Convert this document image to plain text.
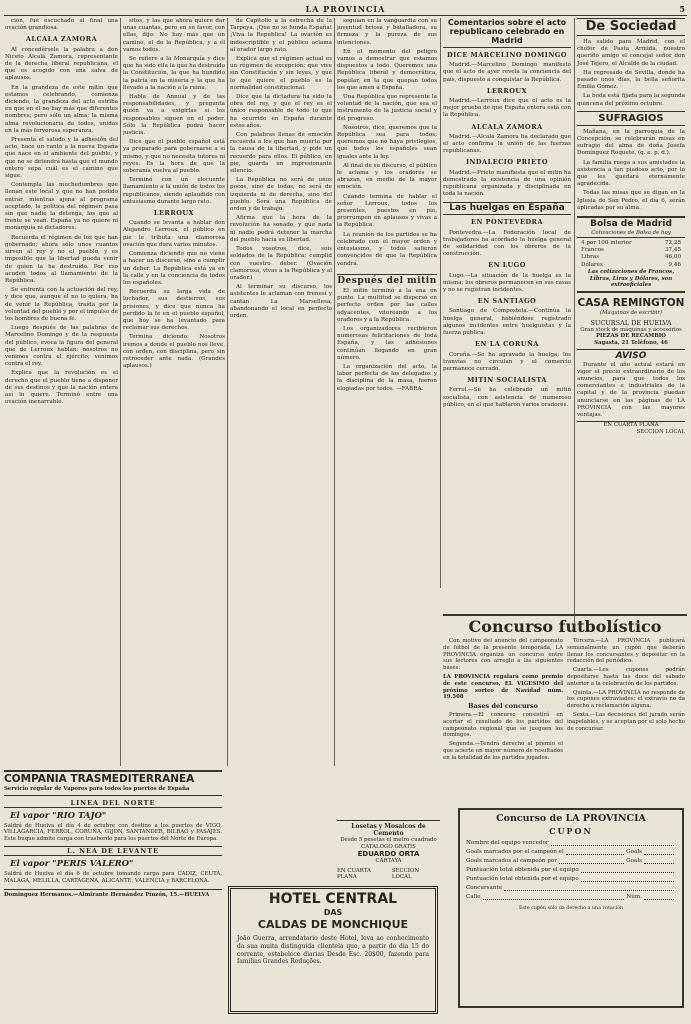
LA PROVINCIA	5

ción, fué escuchado al final una ovación grandiosa.

ALCALA ZAMORA

Al concedérsele la palabra a don Niceto Alcalá Zamora, representante de la derecha liberal republicana, el que es acogido con una salva de aplausos.

En la grandeza de este mitin que estamos celebrando, comienza diciendo, la grandeza del acto estriba en que en él no hay más que diferentes nombres; pero sólo un alma; la misma alma revolucionaria de todos, unidas en la más fervorosa esperanza.

Presenta el saludo y la adhesión del acto, hace un canto a la nueva España que nace en el ambiente del pueblo, y que no se detendrá hasta que el mundo entero sepa cuál es el camino que sigue.

Contempla las muchedumbres que llenan este local y que no han podido entrar, mientras ajena al programa aceptado, la política del régimen pasa sin que nadie la detenga, los que al frente se vean. España ya no quiere ni monarquía ni dictadores.

Recuerda el régimen de los que han gobernado; ahora sólo unos cuantos sirven al rey y no el pueblo, y es imposible que la libertad pueda venir de quien la ha destruído. Por eso acuden todos al llamamiento de la República.

Se enfrenta con la actuación del rey, y dice que, aunque él no lo quiera, ha de venir la República, traída por la voluntad del pueblo y por el impulso de los hombres de buena fe.

Luego después de las palabras de Marcelino Domingo y de la respuesta del público, evoca la figura del general que de Lerroux hablan: nosotros no venimos contra el ejército; venimos contra el rey.

Explica que la revolución es el derecho que el pueblo tiene a disponer de sus destinos y que la nación entera así lo quiere. Terminó entre una ovación inenarrable.

sitos, y las que ahora quiere dar unas cuantas, pero en su favor, con ellas, dijo: No hay más que un camino, el de la República, y a él vamos todos.

Se refiere a la Monarquía y dice que ha sido ella la que ha destruído la Constitución, la que ha hundido la patria en la miseria y la que ha llevado a la nación a la ruina.

Habla de Annual y de las responsabilidades, y pregunta quién va a exigirlas si los responsables siguen en el poder. Sólo la República podrá hacer justicia.

Dice que el pueblo español está ya preparado para gobernarse a sí mismo, y que no necesita tutores ni reyes. Es la hora de que la soberanía vuelva al pueblo.

Terminó con un elocuente llamamiento a la unión de todos los republicanos, siendo aplaudido con entusiasmo durante largo rato.

LERROUX

Cuando se levanta a hablar don Alejandro Lerroux, el público en pie le tributa una clamorosa ovación que dura varios minutos.

Comienza diciendo que no viene a hacer un discurso, sino a cumplir un deber. La República está ya en la calle y en la conciencia de todos los españoles.

Recuerda su larga vida de luchador, sus destierros, sus prisiones, y dice que nunca ha perdido la fe en el pueblo español, que hoy se ha levantado para reclamar sus derechos.

Termina diciendo: Nosotros iremos a donde el pueblo nos lleve, con orden, con disciplina, pero sin retroceder ante nada. (Grandes aplausos.)

de Capitolio a la estrecha de la Tarpeya. ¡Que no se hunda España! ¡Viva la República! La ovación es indescriptible y el público aclama al orador largo rato.

Explica que el régimen actual es un régimen de excepción; que vive sin Constitución y sin leyes, y que lo que quiere el pueblo es la normalidad constitucional.

Dice que la dictadura ha sido la obra del rey, y que el rey es el único responsable de todo lo que ha ocurrido en España durante estos años.

Con palabras llenas de emoción recuerda a los que han muerto por la causa de la libertad, y pide un recuerdo para ellos. El público, en pie, guarda un impresionante silencio.

La República no será de unos pocos, sino de todos; no será de izquierda ni de derecha, sino del pueblo. Será una República de orden y de trabajo.

Afirma que la hora de la revolución ha sonado, y que nada ni nadie podrá detener la marcha del pueblo hacia su libertad.

Todos vosotros, dice, sois soldados de la República; cumplid con vuestro deber. (Ovación clamorosa, vivas a la República y al orador.)

Al terminar su discurso, los asistentes le aclaman con frenesí y cantan La Marsellesa, abandonando el local en perfecto orden.

seguían en la vanguardia con su juventud briosa y batalladora, su firmeza y la pureza de sus intenciones.

En el momento del peligro vamos a demostrar que estamos dispuestos a todo. Queremos una República liberal y democrática, popular, en la que quepan todos los que amen a España.

Una República que represente la voluntad de la nación, que sea el instrumento de la justicia social y del progreso.

Nosotros, dice, queremos que la República sea para todos; queremos que no haya privilegios, que todos los españoles sean iguales ante la ley.

Al final de su discurso, el público le aclama y los oradores se abrazan, en medio de la mayor emoción.

Cuando termina de hablar el señor Lerroux, todos los presentes, puestos en pie, prorrumpen en aplausos y vivas a la República.

La reunión de los partidos se ha celebrado con el mayor orden y entusiasmo, y todos salieron convencidos de que la República vendrá.

Después del mitin

El mitin terminó a la una en punto. La multitud se dispersó en perfecto orden por las calles adyacentes, vitoreando a los oradores y a la República.

Los organizadores recibieron numerosas felicitaciones de toda España, y las adhesiones continúan llegando en gran número.

La organización del acto, la labor perfecta de los delegados y la disciplina de la masa, fueron elogiadas por todos. —FABRA.

Comentarios sobre el acto republicano celebrado en Madrid
DICE MARCELINO DOMINGO

Madrid.—Marcelino Domingo manifestó que el acto de ayer revela la conciencia del país, dispuesto a conquistar la República.

LERROUX

Madrid.—Lerroux dice que el acto es la mejor prueba de que España entera está con la República.

ALCALA ZAMORA

Madrid.—Alcalá Zamora ha declarado que el acto confirma la unión de las fuerzas republicanas.

INDALECIO PRIETO

Madrid.—Prieto manifiesta que el mitin ha demostrado la existencia de una opinión republicana organizada y disciplinada en toda la nación.

Las huelgas en España
EN PONTEVEDRA

Pontevedra.—La Federación local de trabajadores ha acordado la huelga general de solidaridad con los obreros de la construcción.

EN LUGO

Lugo.—La situación de la huelga es la misma; los obreros permanecen en sus casas y no se registran incidentes.

EN SANTIAGO

Santiago de Compostela.—Continúa la huelga general, habiéndose registrado algunos incidentes entre huelguistas y la fuerza pública.

EN LA CORUÑA

Coruña.—Se ha agravado la huelga; los tranvías no circulan y el comercio permanece cerrado.

MITIN SOCIALISTA

Ferrol.—Se ha celebrado un mitin socialista, con asistencia de numeroso público, en el que hablaron varios oradores.

De Sociedad

Ha salido para Madrid, con el chofer de Pasta Armida, nuestro querido amigo el concejal señor don José Tejero, el Alcalde de la ciudad.

Ha regresado de Sevilla, donde ha pasado unos días, la bella señorita Emilia Gómez.

La boda está fijada para la segunda quincena del próximo octubre.

SUFRAGIOS

Mañana, en la parroquia de la Concepción, se celebrarán misas en sufragio del alma de doña Josefa Domínguez Roquete, (q. e. p. d.).

La familia ruega a sus amistades la asistencia a tan piadoso acto, por lo que les quedará eternamente agradecida.

Todas las misas que se digan en la Iglesia de San Pedro, el día 6, serán aplicadas por su alma.

Bolsa de Madrid
Cotizaciones de Bolsa de hoy
4 por 100 interior	72,25
Francos	37,45
Libras	46,00
Dólares	9,46
Las cotizaciones de Francos, Libras, Liras y Dólares, son extraoficiales
CASA REMINGTON
(Máquinas de escribir)
SUCURSAL DE HUELVA
Gran stock de máquinas y accesorios
PIEZAS DE RECAMBIO
Sagasta, 21 Teléfono, 46
AVISO

Durante el año actual estará en vigor el precio extraordinario de los anuncios, para que todos los comerciantes e industriales de la capital y de la provincia puedan anunciarse en las páginas de LA PROVINCIA con las mayores ventajas.

EN CUARTA PLANA
SECCION LOCAL
Concurso futbolístico

Con motivo del anuncio del campeonato de fútbol de la presente temporada, LA PROVINCIA organiza un concurso entre sus lectores con arreglo a las siguientes bases:

LA PROVINCIA regalará como premio de este concurso, EL VIGESIMO del próximo sorteo de Navidad núm. 19.508

Bases del concurso

Primera.—El concurso consistirá en acertar el resultado de los partidos del campeonato regional que se jueguen los domingos.

Segunda.—Tendrá derecho al premio el que acierte un mayor número de resultados en la totalidad de los partidos jugados.

Tercera.—LA PROVINCIA publicará semanalmente un cupón que deberán llenar los concursantes y depositar en la redacción del periódico.

Cuarta.—Los cupones podrán depositarse hasta las doce del sábado anterior a la celebración de los partidos.

Quinta.—LA PROVINCIA no responde de los cupones extraviados; el extravío no da derecho a reclamación alguna.

Sexta.—Las decisiones del jurado serán inapelables, y se aceptan por el solo hecho de concursar.

Concurso de LA PROVINCIA
CUPON
Nombre del equipo vencedor
Goals marcados por el campeón el	Goals
Goals marcados al campeón por	Goals
Puntuación total obtenida por el equipo
Puntuación total obtenida por el equipo
Concursante
Calle	Núm.
Este cupón sólo da derecho a una votación
COMPANIA TRASMEDITERRANEA
Servicio regular de Vapores para todos los puertos de España
LINEA DEL NORTE
El vapor "RIO TAJO"

Saldrá de Huelva el día 4 de octubre con destino a los puertos de VIGO, VILLAGARCIA, FERROL, CORUÑA, GIJON, SANTANDER, BILBAO y PASAJES. Este buque admite carga con trasbordo para los puertos del Norte de Europa.

L. NEA DE LEVANTE
El vapor "PERIS VALERO"

Saldrá de Huelva el día 6 de octubre tomando carga para CADIZ, CEUTA, MALAGA, MELILLA, CARTAGENA, ALICANTE, VALENCIA y BARCELONA.

Dominguez Hermanos.—Almirante Hernández Pinzón, 15.—HUELVA
Losetas y Mosaicos de Cemento
Desde 5 pesetas el metro cuadrado
CATALOGO GRATIS
EDUARDO ORTA
CARTAYA
EN CUARTA PLANA
SECCION LOCAL
HOTEL CENTRAL
DAS
CALDAS DE MONCHIQUE

João Guerra, arrendatario deste Hotel, leva ao conhecimento da sua muita distinguida clientela que, a partir do dia 15 do corrente, estabelece diarias Desde Esc. 20$00, fazendo para familias Grandes Reduções.
